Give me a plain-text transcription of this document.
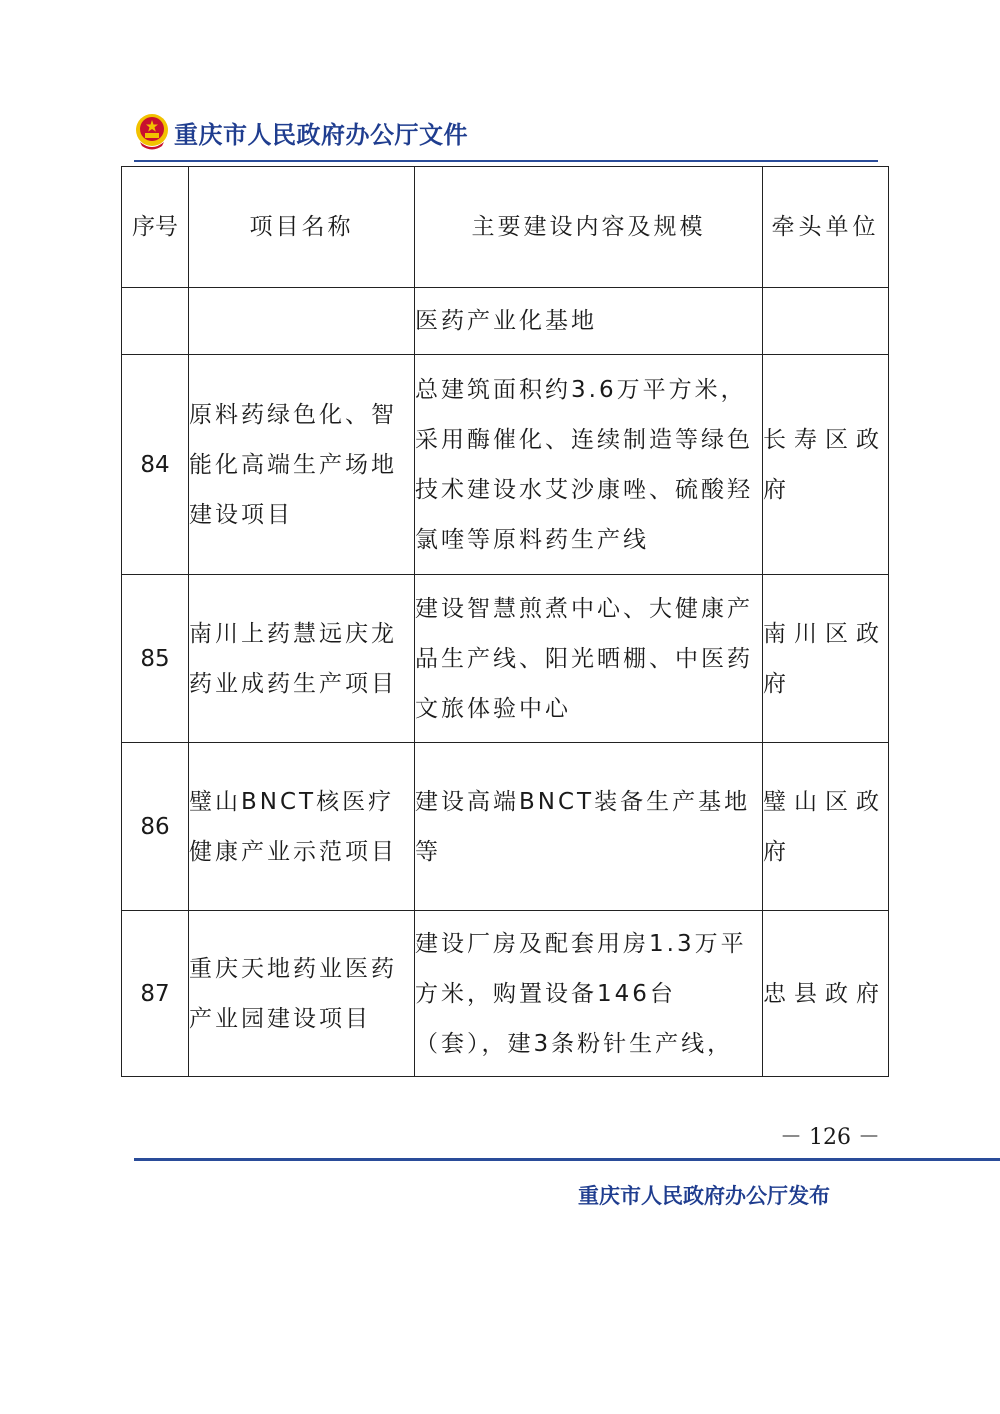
重庆市人民政府办公厅文件
序号	项目名称	主要建设内容及规模	牵头单位
		医药产业化基地	
84	原料药绿色化、智能化高端生产场地建设项目	总建筑面积约3.6万平方米，采用酶催化、连续制造等绿色技术建设水艾沙康唑、硫酸羟氯喹等原料药生产线	长寿区政府
85	南川上药慧远庆龙药业成药生产项目	建设智慧煎煮中心、大健康产品生产线、阳光晒棚、中医药文旅体验中心	南川区政府
86	璧山BNCT核医疗健康产业示范项目	建设高端BNCT装备生产基地等	璧山区政府
87	重庆天地药业医药产业园建设项目	建设厂房及配套用房1.3万平方米，购置设备146台（套），建3条粉针生产线，	忠县政府
－ 126 －
重庆市人民政府办公厅发布
